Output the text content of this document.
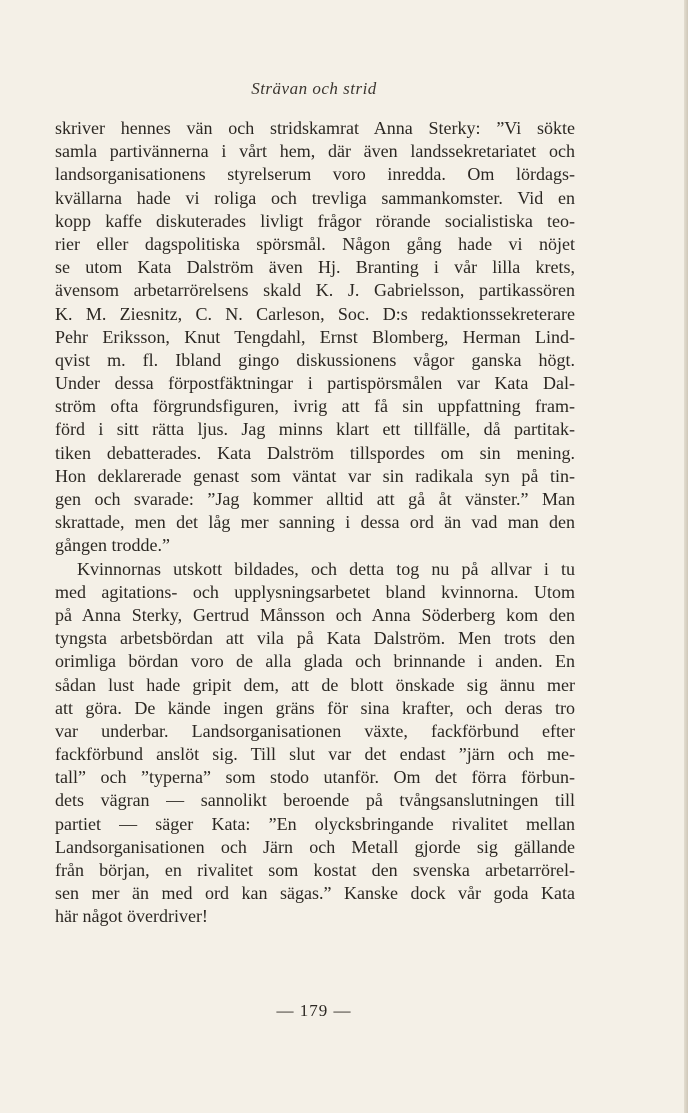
Strävan och strid
skriver hennes vän och stridskamrat Anna Sterky: ”Vi sökte
samla partivännerna i vårt hem, där även landssekretariatet och
landsorganisationens styrelserum voro inredda. Om lördags-
kvällarna hade vi roliga och trevliga sammankomster. Vid en
kopp kaffe diskuterades livligt frågor rörande socialistiska teo-
rier eller dagspolitiska spörsmål. Någon gång hade vi nöjet
se utom Kata Dalström även Hj. Branting i vår lilla krets,
ävensom arbetarrörelsens skald K. J. Gabrielsson, partikassören
K. M. Ziesnitz, C. N. Carleson, Soc. D:s redaktionssekreterare
Pehr Eriksson, Knut Tengdahl, Ernst Blomberg, Herman Lind-
qvist m. fl. Ibland gingo diskussionens vågor ganska högt.
Under dessa förpostfäktningar i partispörsmålen var Kata Dal-
ström ofta förgrundsfiguren, ivrig att få sin uppfattning fram-
förd i sitt rätta ljus. Jag minns klart ett tillfälle, då partitak-
tiken debatterades. Kata Dalström tillspordes om sin mening.
Hon deklarerade genast som väntat var sin radikala syn på tin-
gen och svarade: ”Jag kommer alltid att gå åt vänster.” Man
skrattade, men det låg mer sanning i dessa ord än vad man den
gången trodde.”
Kvinnornas utskott bildades, och detta tog nu på allvar i tu
med agitations- och upplysningsarbetet bland kvinnorna. Utom
på Anna Sterky, Gertrud Månsson och Anna Söderberg kom den
tyngsta arbetsbördan att vila på Kata Dalström. Men trots den
orimliga bördan voro de alla glada och brinnande i anden. En
sådan lust hade gripit dem, att de blott önskade sig ännu mer
att göra. De kände ingen gräns för sina krafter, och deras tro
var underbar. Landsorganisationen växte, fackförbund efter
fackförbund anslöt sig. Till slut var det endast ”järn och me-
tall” och ”typerna” som stodo utanför. Om det förra förbun-
dets vägran — sannolikt beroende på tvångsanslutningen till
partiet — säger Kata: ”En olycksbringande rivalitet mellan
Landsorganisationen och Järn och Metall gjorde sig gällande
från början, en rivalitet som kostat den svenska arbetarrörel-
sen mer än med ord kan sägas.” Kanske dock vår goda Kata
här något överdriver!
— 179 —
